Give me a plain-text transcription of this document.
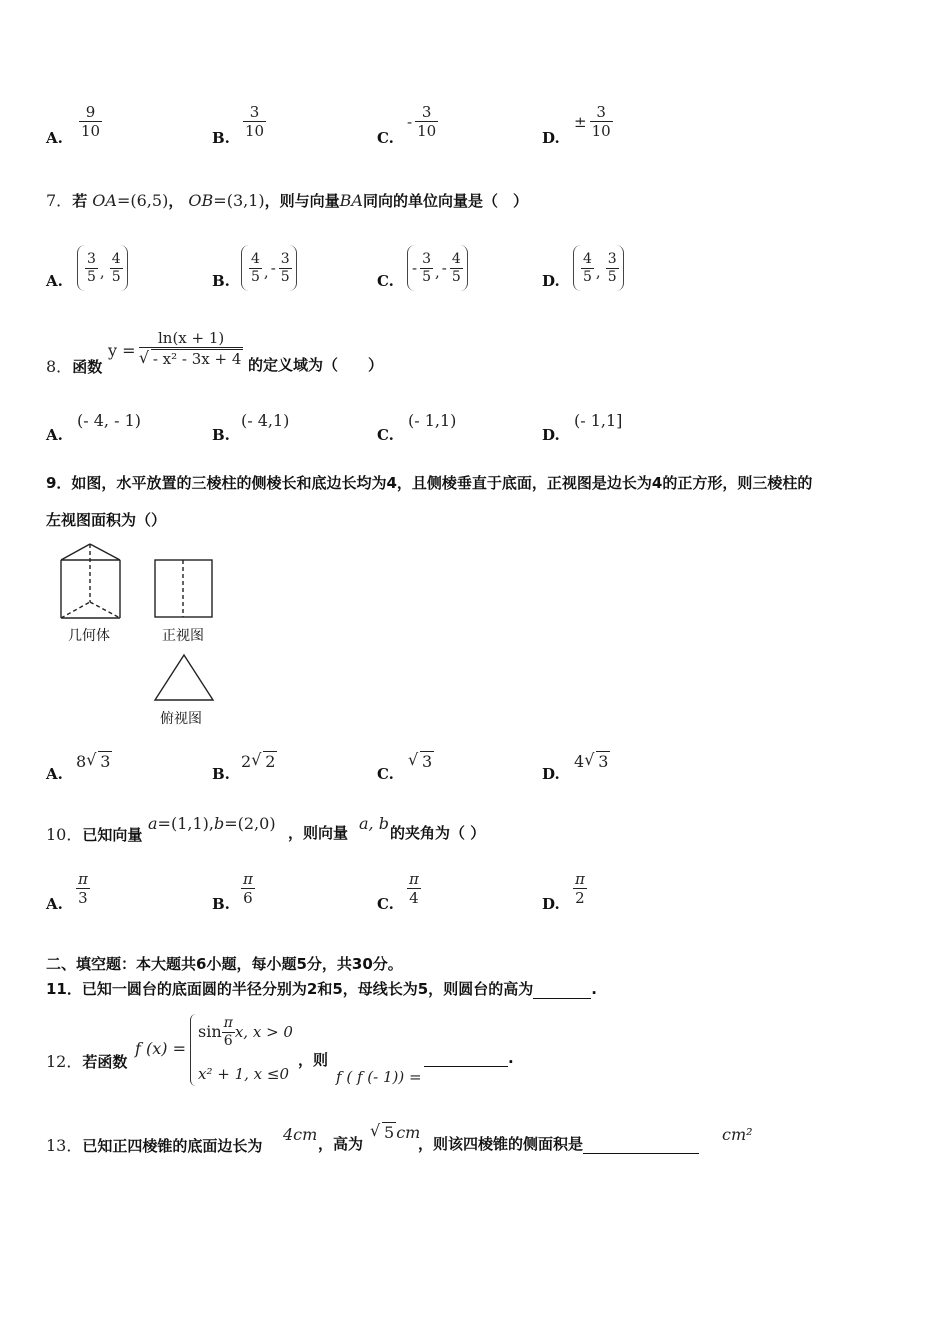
A. $\frac{9}{10}$	B. $\frac{3}{10}$	C.
- $\frac{3}{10}$	D.
± $\frac{3}{10}$
7．若 OA=(6,5)， OB=(3,1)，则与向量BA同向的单位向量是（　）
A. $\frac{3}{5}$ , $\frac{4}{5}$	B. $\frac{4}{5}$ , - $\frac{3}{5}$	C.
- $\frac{3}{5}$ , - $\frac{4}{5}$	D. $\frac{4}{5}$ , $\frac{3}{5}$
8．函数
y = ln(x + 1)
√ - x² - 3x + 4 的定义域为（　　）
A.
(- 4, - 1)
B.
(- 4,1)
C.
(- 1,1)
D.
(- 1,1]
9．如图，水平放置的三棱柱的侧棱长和底边长均为4，且侧棱垂直于底面，正视图是边长为4的正方形，则三棱柱的
左视图面积为（）
几何体	正视图
俯视图
A.
8 √ 3
B.
2 √ 2
C.
√ 3
D.
4 √ 3
10．已知向量
a=(1,1),b=(2,0) ，则向量 a, b 的夹角为（ ）
A. $\frac{\pi}{3}$	B. $\frac{\pi}{6}$	C. $\frac{\pi}{4}$	D. $\frac{\pi}{2}$
二、填空题：本大题共6小题，每小题5分，共30分。
11．已知一圆台的底面圆的半径分别为2和5，母线长为5，则圆台的高为	.
12．若函数
f (x) =
$\sin \frac{\pi}{6} x$, x > 0
x² + 1, x ≤0
，则
f ( f (- 1)) =
.
13．已知正四棱锥的底面边长为
4cm ，高为
√ 5 cm
，则该四棱锥的侧面积是	cm²
